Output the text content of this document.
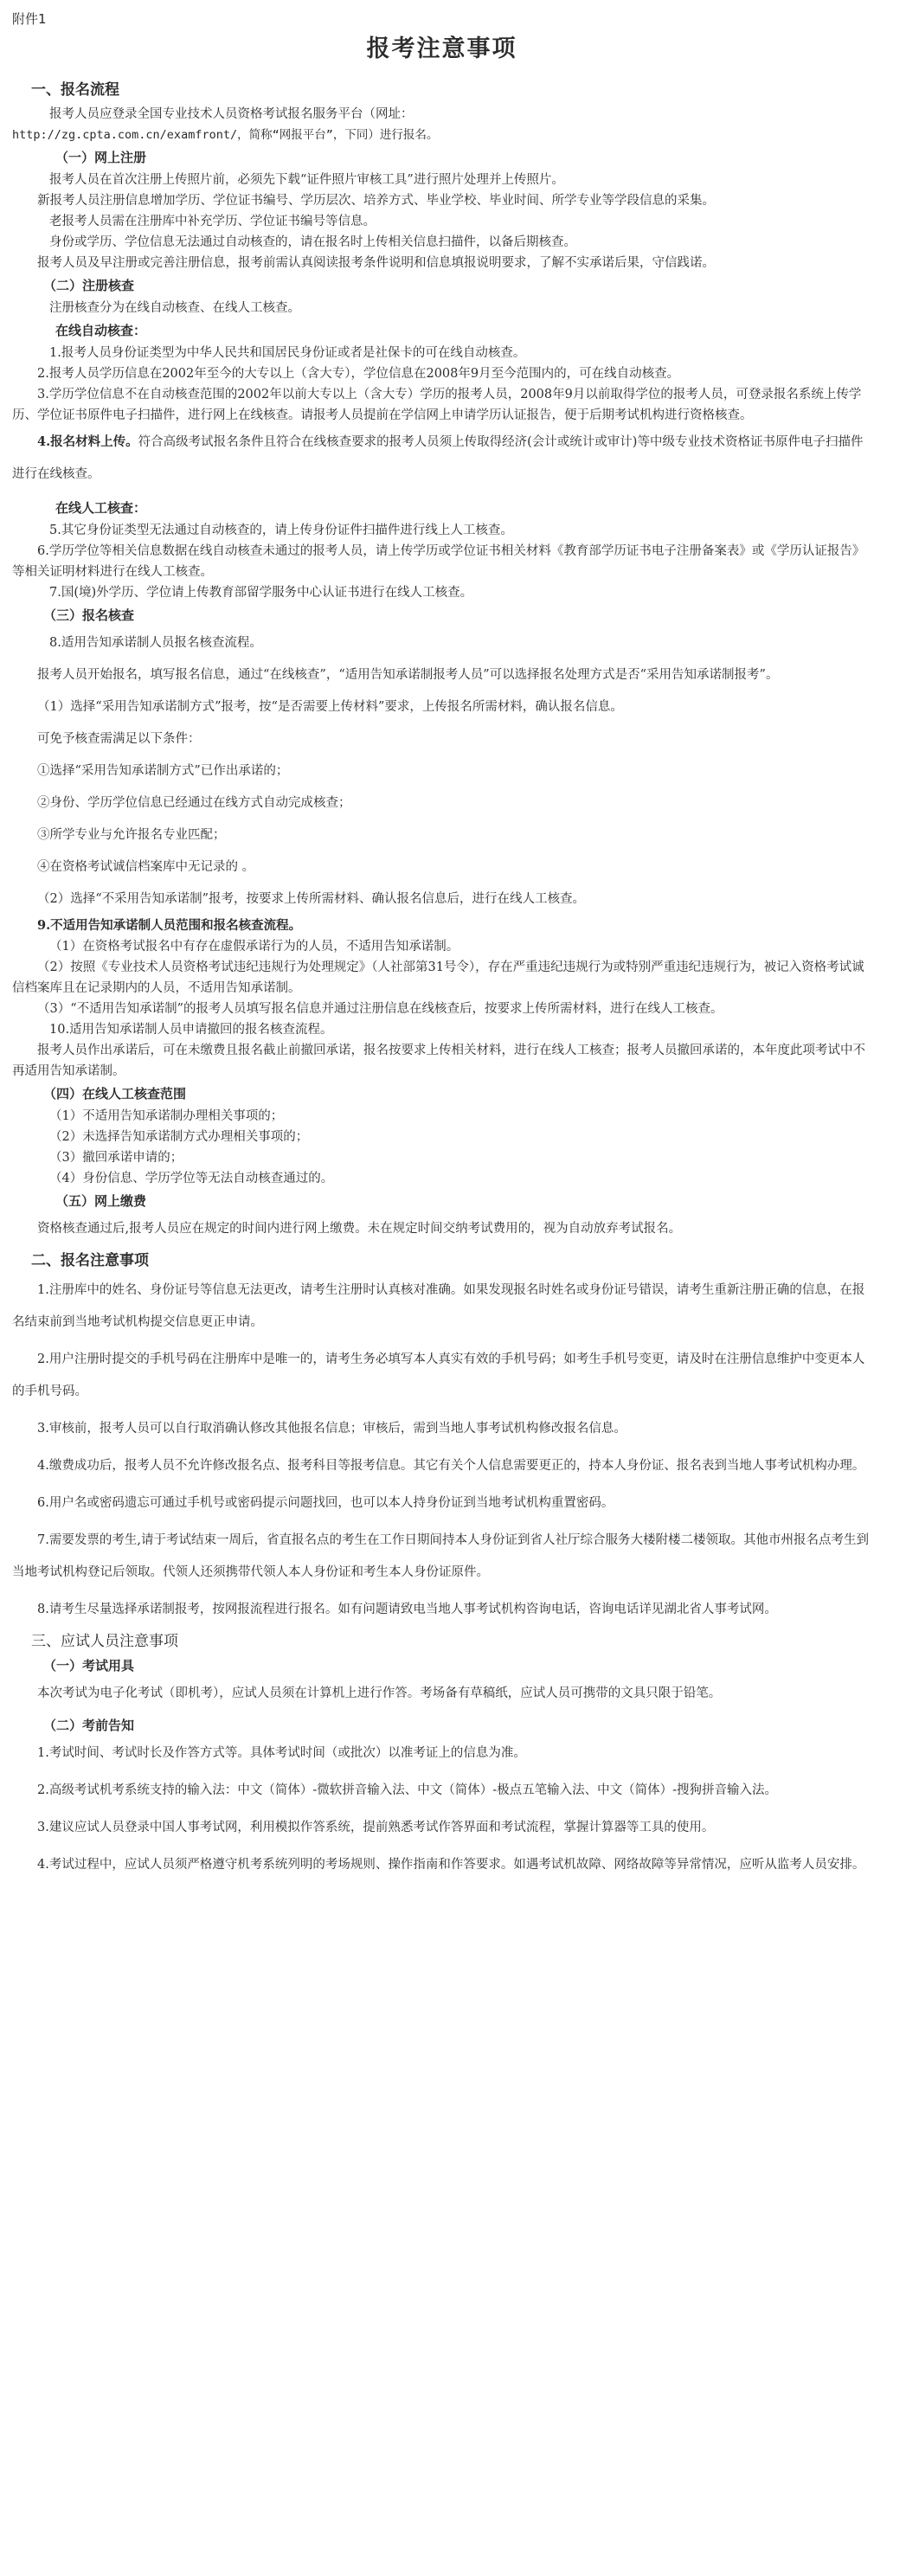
附件1
报考注意事项
一、报名流程

报考人员应登录全国专业技术人员资格考试报名服务平台（网址：

http://zg.cpta.com.cn/examfront/，简称“网报平台”，下同）进行报名。

（一）网上注册

报考人员在首次注册上传照片前，必须先下载“证件照片审核工具”进行照片处理并上传照片。

新报考人员注册信息增加学历、学位证书编号、学历层次、培养方式、毕业学校、毕业时间、所学专业等学段信息的采集。

老报考人员需在注册库中补充学历、学位证书编号等信息。

身份或学历、学位信息无法通过自动核查的，请在报名时上传相关信息扫描件，以备后期核查。

报考人员及早注册或完善注册信息，报考前需认真阅读报考条件说明和信息填报说明要求，了解不实承诺后果，守信践诺。

（二）注册核查

注册核查分为在线自动核查、在线人工核查。

在线自动核查：

1.报考人员身份证类型为中华人民共和国居民身份证或者是社保卡的可在线自动核查。

2.报考人员学历信息在2002年至今的大专以上（含大专），学位信息在2008年9月至今范围内的，可在线自动核查。

3.学历学位信息不在自动核查范围的2002年以前大专以上（含大专）学历的报考人员，2008年9月以前取得学位的报考人员，可登录报名系统上传学历、学位证书原件电子扫描件，进行网上在线核查。请报考人员提前在学信网上申请学历认证报告，便于后期考试机构进行资格核查。

4.报名材料上传。符合高级考试报名条件且符合在线核查要求的报考人员须上传取得经济(会计或统计或审计)等中级专业技术资格证书原件电子扫描件进行在线核查。

在线人工核查：

5.其它身份证类型无法通过自动核查的，请上传身份证件扫描件进行线上人工核查。

6.学历学位等相关信息数据在线自动核查未通过的报考人员，请上传学历或学位证书相关材料《教育部学历证书电子注册备案表》或《学历认证报告》等相关证明材料进行在线人工核查。

7.国(境)外学历、学位请上传教育部留学服务中心认证书进行在线人工核查。

（三）报名核查

8.适用告知承诺制人员报名核查流程。

报考人员开始报名，填写报名信息，通过“在线核查”，“适用告知承诺制报考人员”可以选择报名处理方式是否“采用告知承诺制报考”。

（1）选择“采用告知承诺制方式”报考，按“是否需要上传材料”要求，上传报名所需材料，确认报名信息。

可免予核查需满足以下条件：

①选择“采用告知承诺制方式”已作出承诺的；

②身份、学历学位信息已经通过在线方式自动完成核查；

③所学专业与允许报名专业匹配；

④在资格考试诚信档案库中无记录的 。

（2）选择“不采用告知承诺制”报考，按要求上传所需材料、确认报名信息后，进行在线人工核查。

9.不适用告知承诺制人员范围和报名核查流程。

（1）在资格考试报名中有存在虚假承诺行为的人员，不适用告知承诺制。

（2）按照《专业技术人员资格考试违纪违规行为处理规定》（人社部第31号令），存在严重违纪违规行为或特别严重违纪违规行为，被记入资格考试诚信档案库且在记录期内的人员，不适用告知承诺制。

（3）“不适用告知承诺制”的报考人员填写报名信息并通过注册信息在线核查后，按要求上传所需材料，进行在线人工核查。

10.适用告知承诺制人员申请撤回的报名核查流程。

报考人员作出承诺后，可在未缴费且报名截止前撤回承诺，报名按要求上传相关材料，进行在线人工核查；报考人员撤回承诺的，本年度此项考试中不再适用告知承诺制。

（四）在线人工核查范围

（1）不适用告知承诺制办理相关事项的；

（2）未选择告知承诺制方式办理相关事项的；

（3）撤回承诺申请的；

（4）身份信息、学历学位等无法自动核查通过的。

（五）网上缴费

资格核查通过后,报考人员应在规定的时间内进行网上缴费。未在规定时间交纳考试费用的，视为自动放弃考试报名。

二、报名注意事项

1.注册库中的姓名、身份证号等信息无法更改，请考生注册时认真核对准确。如果发现报名时姓名或身份证号错误，请考生重新注册正确的信息，在报名结束前到当地考试机构提交信息更正申请。

2.用户注册时提交的手机号码在注册库中是唯一的，请考生务必填写本人真实有效的手机号码；如考生手机号变更，请及时在注册信息维护中变更本人的手机号码。

3.审核前，报考人员可以自行取消确认修改其他报名信息；审核后，需到当地人事考试机构修改报名信息。

4.缴费成功后，报考人员不允许修改报名点、报考科目等报考信息。其它有关个人信息需要更正的，持本人身份证、报名表到当地人事考试机构办理。

6.用户名或密码遗忘可通过手机号或密码提示问题找回，也可以本人持身份证到当地考试机构重置密码。

7.需要发票的考生,请于考试结束一周后，省直报名点的考生在工作日期间持本人身份证到省人社厅综合服务大楼附楼二楼领取。其他市州报名点考生到当地考试机构登记后领取。代领人还须携带代领人本人身份证和考生本人身份证原件。

8.请考生尽量选择承诺制报考，按网报流程进行报名。如有问题请致电当地人事考试机构咨询电话，咨询电话详见湖北省人事考试网。

三、应试人员注意事项
（一）考试用具

本次考试为电子化考试（即机考），应试人员须在计算机上进行作答。考场备有草稿纸，应试人员可携带的文具只限于铅笔。

（二）考前告知

1.考试时间、考试时长及作答方式等。具体考试时间（或批次）以准考证上的信息为准。

2.高级考试机考系统支持的输入法：中文（简体）-微软拼音输入法、中文（简体）-极点五笔输入法、中文（简体）-搜狗拼音输入法。

3.建议应试人员登录中国人事考试网，利用模拟作答系统，提前熟悉考试作答界面和考试流程，掌握计算器等工具的使用。

4.考试过程中，应试人员须严格遵守机考系统列明的考场规则、操作指南和作答要求。如遇考试机故障、网络故障等异常情况，应听从监考人员安排。
